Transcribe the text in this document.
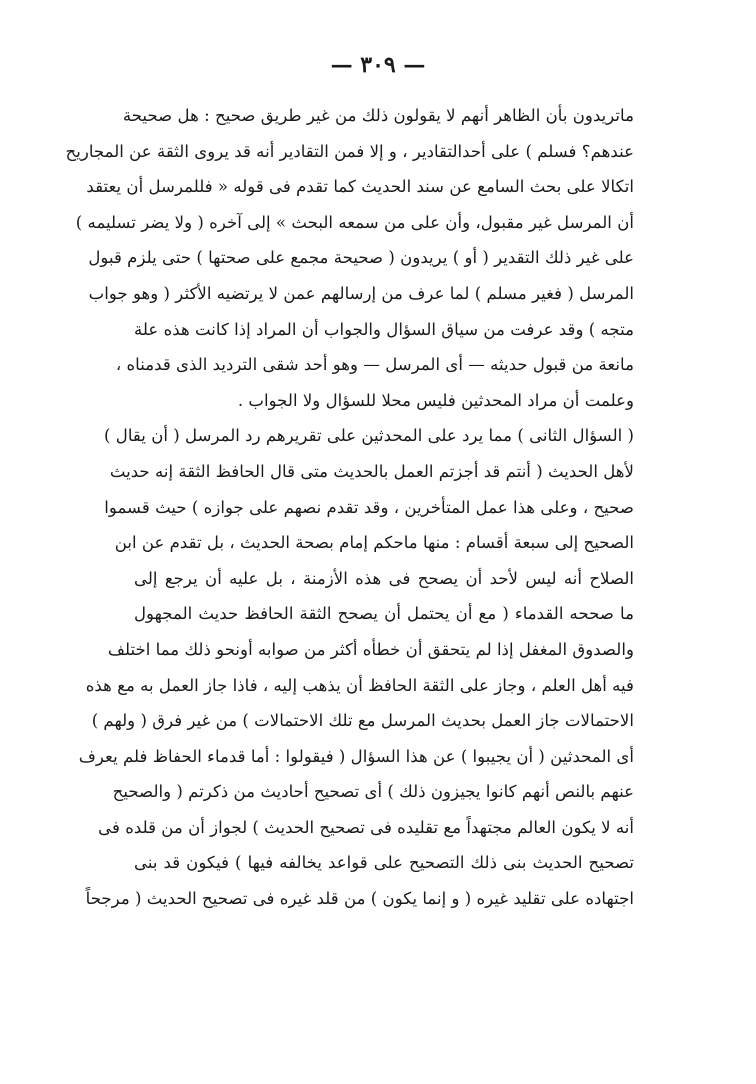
— ٣٠٩ —
ماتريدون بأن الظاهر أنهم لا يقولون ذلك من غير طريق صحيح : هل صحيحة
عندهم؟ فسلم ) على أحدالتقادير ، و إلا فمن التقادير أنه قد يروى الثقة عن المجاريح
اتكالا على بحث السامع عن سند الحديث كما تقدم فى قوله « فللمرسل أن يعتقد
أن المرسل غير مقبول، وأن على من سمعه البحث » إلى آخره ( ولا يضر تسليمه )
على غير ذلك التقدير ( أو ) يريدون ( صحيحة مجمع على صحتها ) حتى يلزم قبول
المرسل ( فغير مسلم ) لما عرف من إرسالهم عمن لا يرتضيه الأكثر ( وهو جواب
متجه ) وقد عرفت من سياق السؤال والجواب أن المراد إذا كانت هذه علة
مانعة من قبول حديثه — أى المرسل — وهو أحد شقى الترديد الذى قدمناه ،
وعلمت أن مراد المحدثين فليس محلا للسؤال ولا الجواب .
( السؤال الثانى ) مما يرد على المحدثين على تقريرهم رد المرسل ( أن يقال )
لأهل الحديث ( أنتم قد أجزتم العمل بالحديث متى قال الحافظ الثقة إنه حديث
صحيح ، وعلى هذا عمل المتأخرين ، وقد تقدم نصهم على جوازه ) حيث قسموا
الصحيح إلى سبعة أقسام : منها ماحكم إمام بصحة الحديث ، بل تقدم عن ابن
الصلاح أنه ليس لأحد أن يصحح فى هذه الأزمنة ، بل عليه أن يرجع إلى
ما صححه القدماء ( مع أن يحتمل أن يصحح الثقة الحافظ حديث المجهول
والصدوق المغفل إذا لم يتحقق أن خطأه أكثر من صوابه أونحو ذلك مما اختلف
فيه أهل العلم ، وجاز على الثقة الحافظ أن يذهب إليه ، فاذا جاز العمل به مع هذه
الاحتمالات جاز العمل بحديث المرسل مع تلك الاحتمالات ) من غير فرق ( ولهم )
أى المحدثين ( أن يجيبوا ) عن هذا السؤال ( فيقولوا : أما قدماء الحفاظ فلم يعرف
عنهم بالنص أنهم كانوا يجيزون ذلك ) أى تصحيح أحاديث من ذكرتم ( والصحيح
أنه لا يكون العالم مجتهداً مع تقليده فى تصحيح الحديث ) لجواز أن من قلده فى
تصحيح الحديث بنى ذلك التصحيح على قواعد يخالفه فيها ) فيكون قد بنى
اجتهاده على تقليد غيره ( و إنما يكون ) من قلد غيره فى تصحيح الحديث ( مرجحاً
